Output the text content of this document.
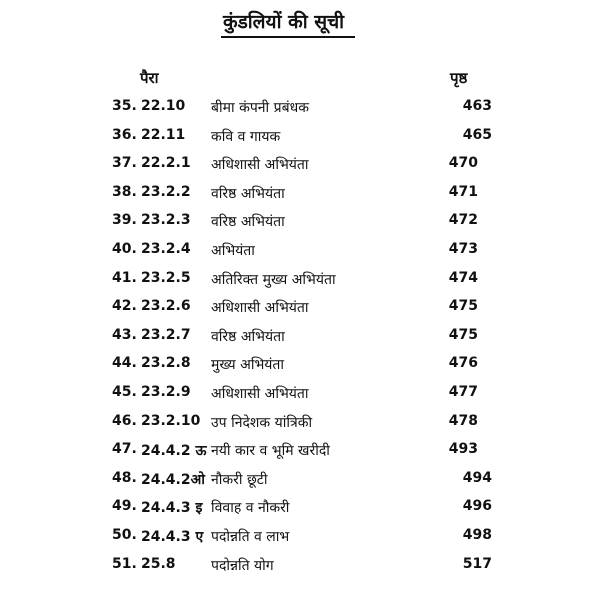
कुंडलियों की सूची
पैरा	पृष्ठ
35. 22.10 बीमा कंपनी प्रबंधक	463
36. 22.11 कवि व गायक	465
37. 22.2.1 अधिशासी अभियंता	470
38. 23.2.2 वरिष्ठ अभियंता	471
39. 23.2.3 वरिष्ठ अभियंता	472
40. 23.2.4 अभियंता	473
41. 23.2.5 अतिरिक्त मुख्य अभियंता	474
42. 23.2.6 अधिशासी अभियंता	475
43. 23.2.7 वरिष्ठ अभियंता	475
44. 23.2.8 मुख्य अभियंता	476
45. 23.2.9 अधिशासी अभियंता	477
46. 23.2.10 उप निदेशक यांत्रिकी	478
47. 24.4.2 ऊ नयी कार व भूमि खरीदी	493
48. 24.4.2ओ नौकरी छूटी	494
49. 24.4.3 इ विवाह व नौकरी	496
50. 24.4.3 ए पदोन्नति व लाभ	498
51. 25.8	पदोन्नति योग	517
